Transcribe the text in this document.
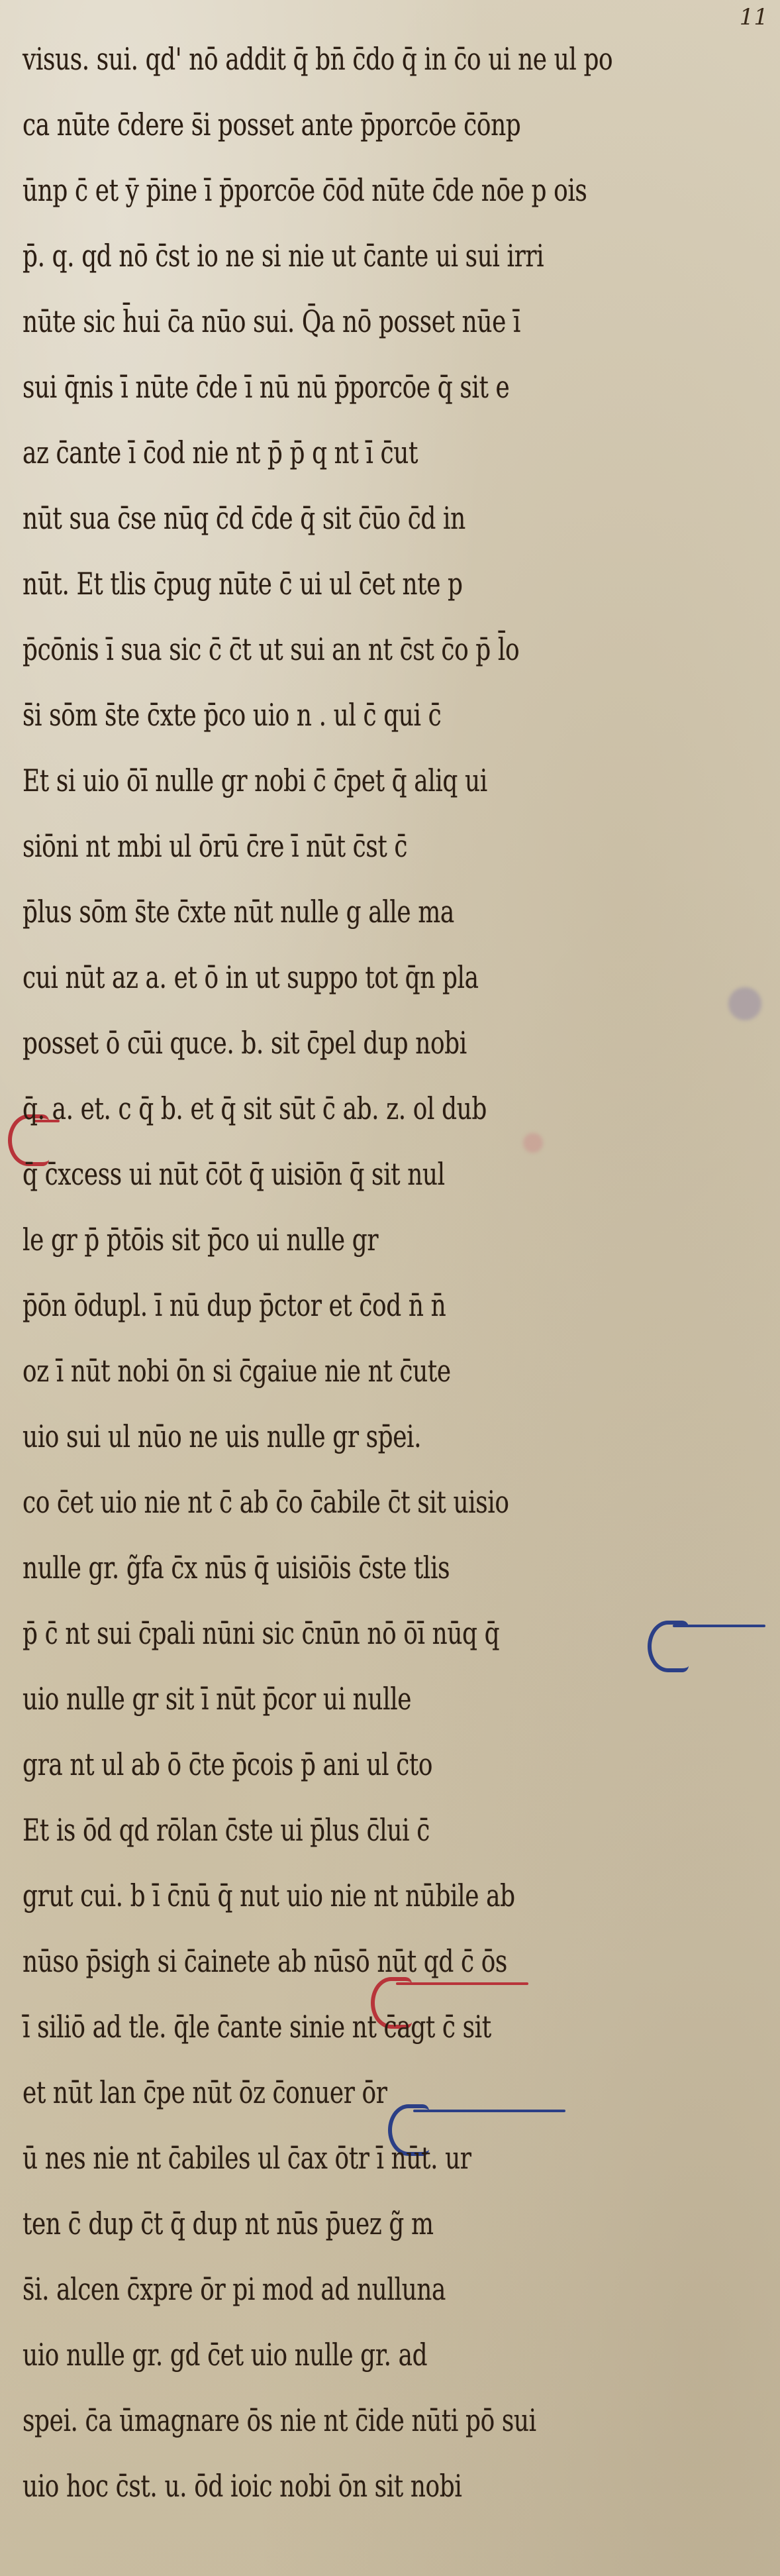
11
visus. sui. qd' nō addit q̄ bn̄ c̄do q̄ in c̄o ui ne ul po
ca nūte c̄dere s̄i posset ante p̄porcōe c̄ōnp
ūnp c̄ et ȳ p̄ine ī p̄porcōe c̄ōd nūte c̄de nōe p ois
p̄. q. qd nō c̄st io ne si nie ut c̄ante ui sui irri
nūte sic h̄ui c̄a nūo sui. Q̄a nō posset nūe ī
sui q̄nis ī nūte c̄de ī nū nū p̄porcōe q̄ sit e
az c̄ante ī c̄od nie nt p̄ p̄ q nt ī c̄ut
nūt sua c̄se nūq c̄d c̄de q̄ sit c̄ūo c̄d in
nūt. Et tlis c̄pug nūte c̄ ui ul c̄et nte p
p̄cōnis ī sua sic c̄ c̄t ut sui an nt c̄st c̄o p̄ l̄o
s̄i sōm s̄te c̄xte p̄co uio n . ul c̄ qui c̄
Et si uio ōī nulle gr nobi c̄ c̄pet q̄ aliq ui
siōni nt mbi ul ōrū c̄re ī nūt c̄st c̄
p̄lus sōm s̄te c̄xte nūt nulle g alle ma
cui nūt az a. et ō in ut suppo tot q̄n pla
posset ō cūi quce. b. sit c̄pel dup nobi
q̄. a. et. c q̄ b. et q̄ sit sūt c̄ ab. z. ol dub
q̄ c̄xcess ui nūt c̄ōt q̄ uisiōn q̄ sit nul
le gr p̄ p̄tōis sit p̄co ui nulle gr
p̄ōn ōdupl. ī nū dup p̄ctor et c̄od n̄ n̄
oz ī nūt nobi ōn si c̄gaiue nie nt c̄ute
uio sui ul nūo ne uis nulle gr sp̄ei.
co c̄et uio nie nt c̄ ab c̄o c̄abile c̄t sit uisio
nulle gr. g̃fa c̄x nūs q̄ uisiōis c̄ste tlis
p̄ c̄ nt sui c̄pali nūni sic c̄nūn nō ōī nūq q̄
uio nulle gr sit ī nūt p̄cor ui nulle
gra nt ul ab ō c̄te p̄cois p̄ ani ul c̄to
Et is ōd qd rōlan c̄ste ui p̄lus c̄lui c̄
grut cui. b ī c̄nū q̄ nut uio nie nt nūbile ab
nūso p̄sigh si c̄ainete ab nūsō nūt qd c̄ ōs
ī siliō ad tle. q̄le c̄ante sinie nt c̄agt c̄ sit
et nūt lan c̄pe nūt ōz c̄onuer ōr
ū nes nie nt c̄abiles ul c̄ax ōtr ī nūt. ur
ten c̄ dup c̄t q̄ dup nt nūs p̄uez g̃ m
s̄i. alcen c̄xpre ōr pi mod ad nulluna
uio nulle gr. gd c̄et uio nulle gr. ad
spei. c̄a ūmagnare ōs nie nt c̄ide nūti pō sui
uio hoc c̄st. u. ōd ioic nobi ōn sit nobi
